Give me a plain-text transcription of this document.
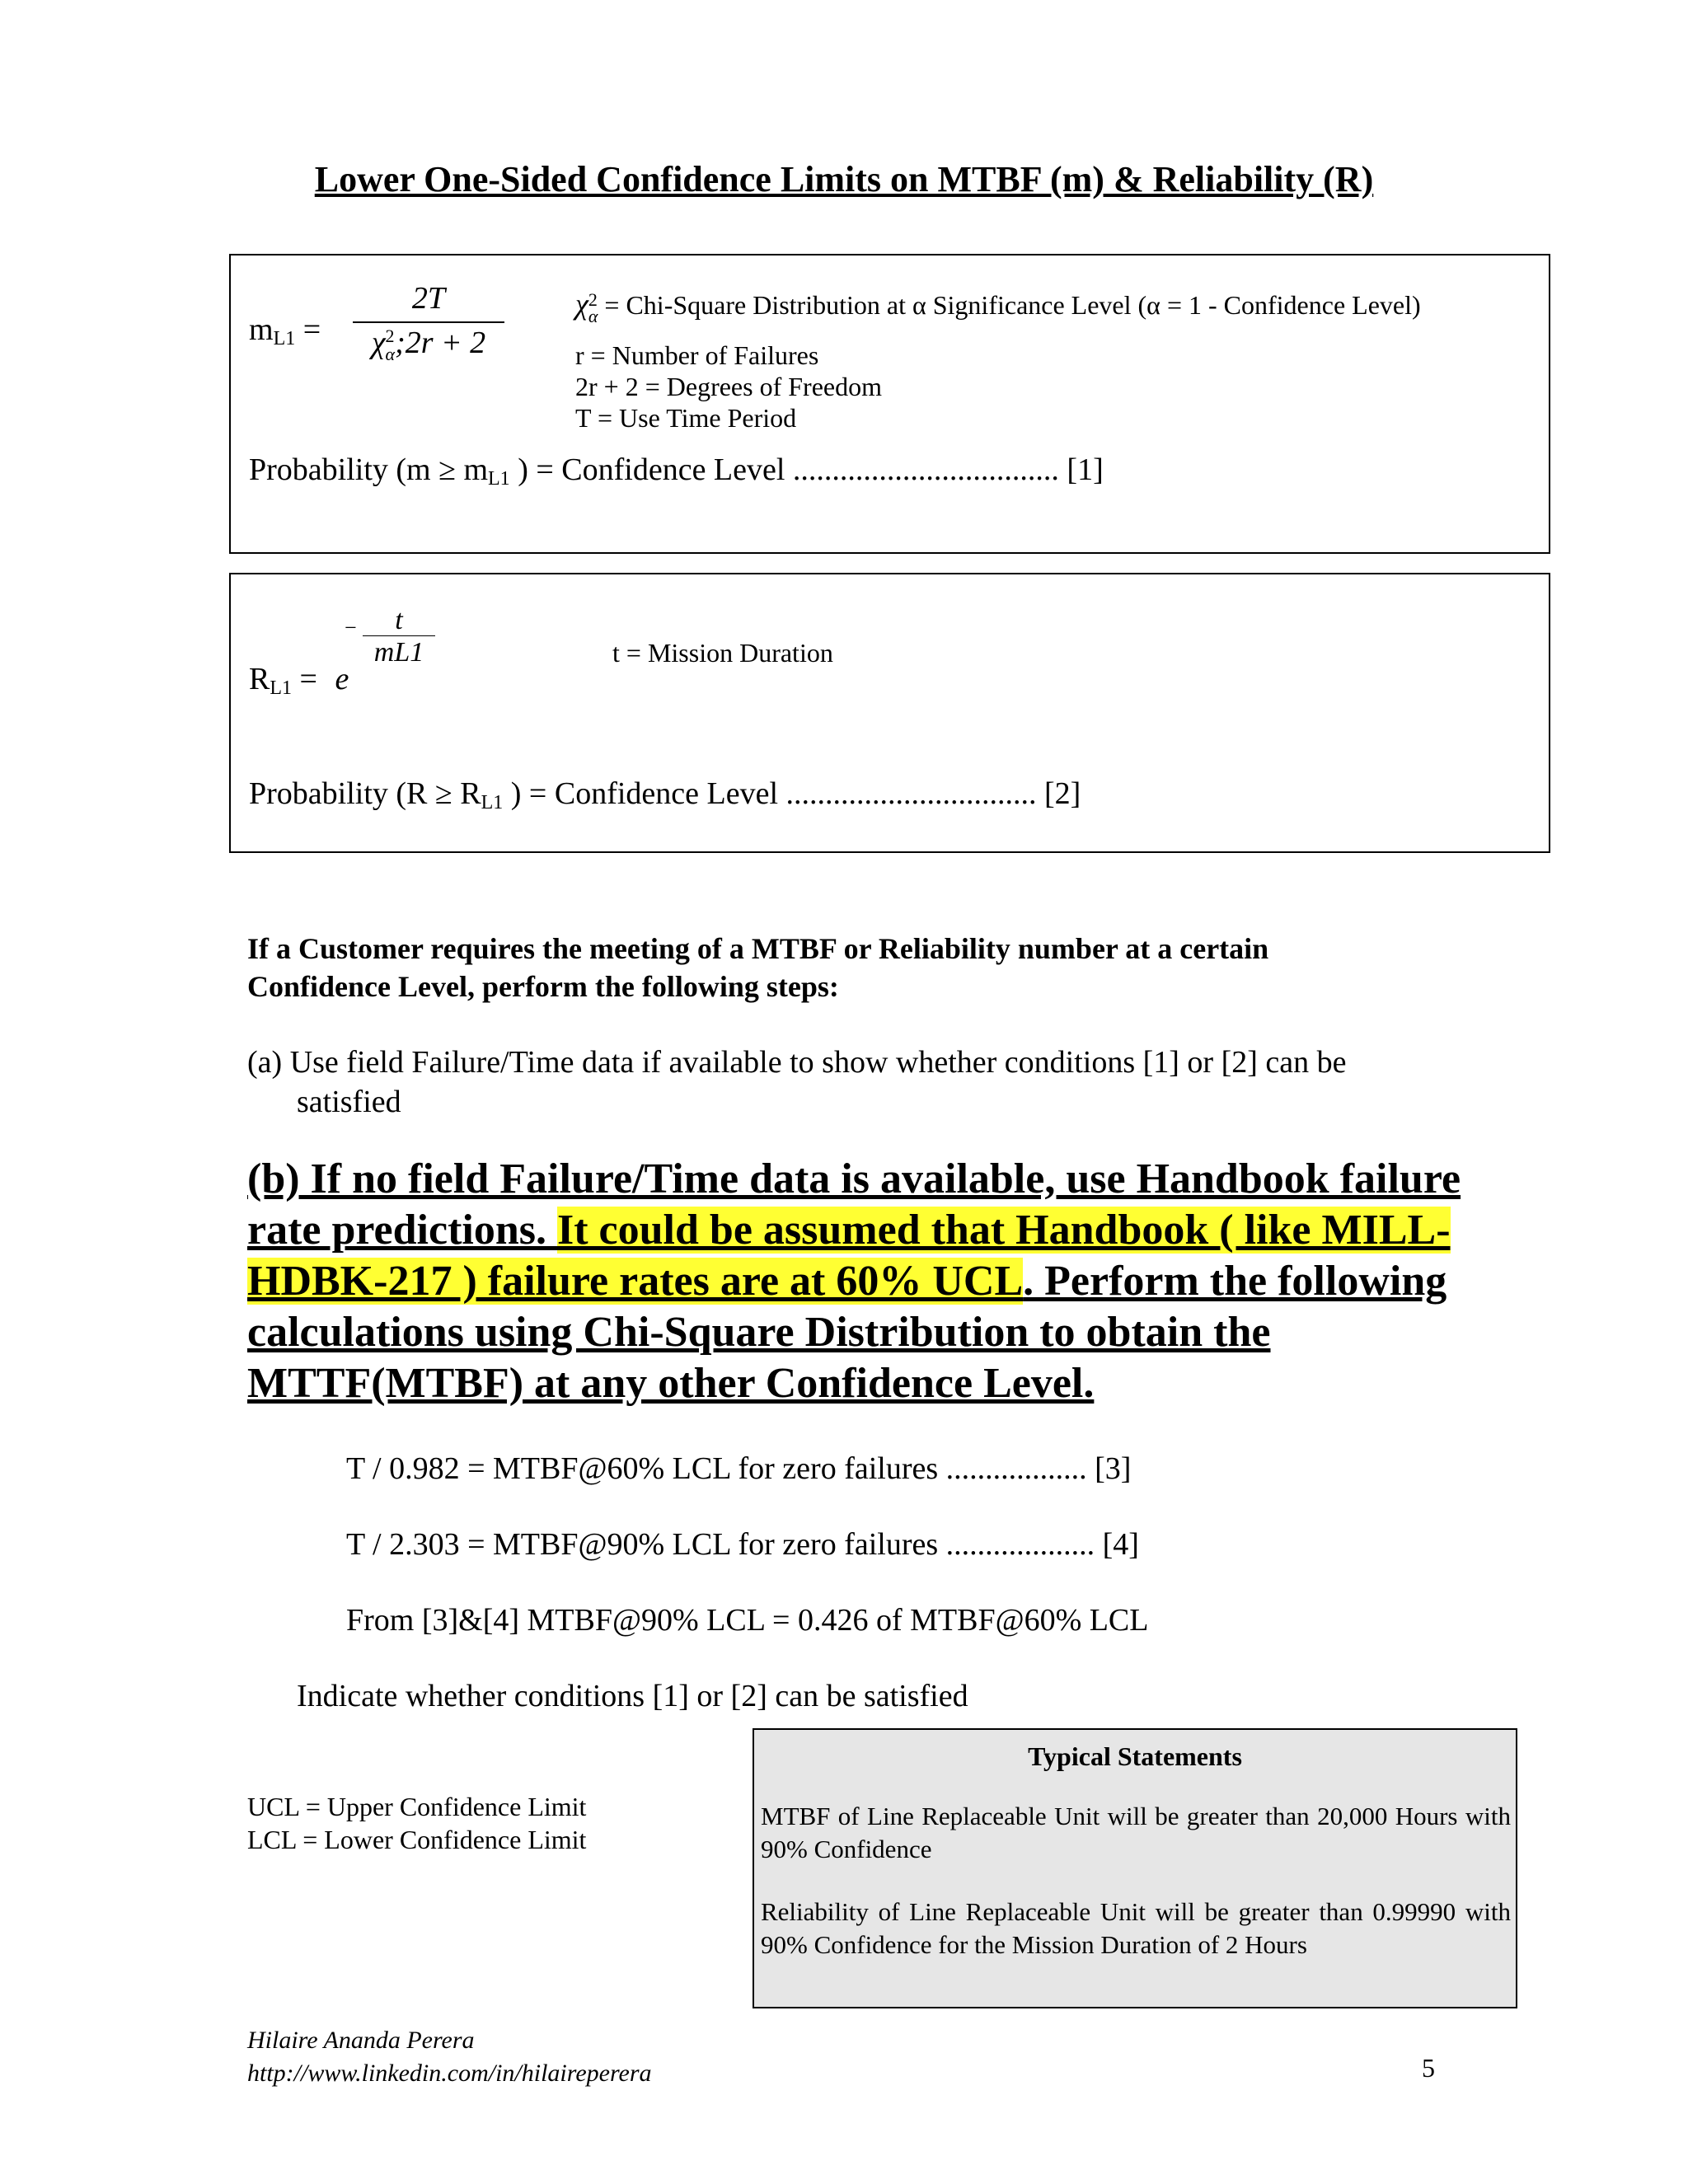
Lower One-Sided Confidence Limits on MTBF (m) & Reliability (R)
$m_{L1}$ =
2T
χ 2
α ;2r + 2
χ 2
α = Chi-Square Distribution at α Significance Level (α = 1 - Confidence Level)
r = Number of Failures
2r + 2 = Degrees of Freedom
T = Use Time Period
Probability ($m \ge m_{L1}$ ) = Confidence Level .................................. [1]
$R_{L1} = e$
−	t
mL1	t = Mission Duration
Probability ($R \ge R_{L1}$ ) = Confidence Level ................................ [2]
If a Customer requires the meeting of a MTBF or Reliability number at a certain
Confidence Level, perform the following steps:
(a) Use field Failure/Time data if available to show whether conditions [1] or [2] can be
satisfied
(b) If no field Failure/Time data is available, use Handbook failure rate predictions. It could be assumed that Handbook ( like MILL-HDBK-217 ) failure rates are at 60% UCL. Perform the following calculations using Chi-Square Distribution to obtain the MTTF(MTBF) at any other Confidence Level.
T / 0.982 = MTBF@60% LCL for zero failures .................. [3]
T / 2.303 = MTBF@90% LCL for zero failures ................... [4]
From [3]&[4] MTBF@90% LCL = 0.426 of MTBF@60% LCL
Indicate whether conditions [1] or [2] can be satisfied
UCL = Upper Confidence Limit
LCL = Lower Confidence Limit
Typical Statements
MTBF of Line Replaceable Unit will be greater than 20,000 Hours with 90% Confidence
Reliability of Line Replaceable Unit will be greater than 0.99990 with 90% Confidence for the Mission Duration of 2 Hours
Hilaire Ananda Perera
http://www.linkedin.com/in/hilaireperera	5
